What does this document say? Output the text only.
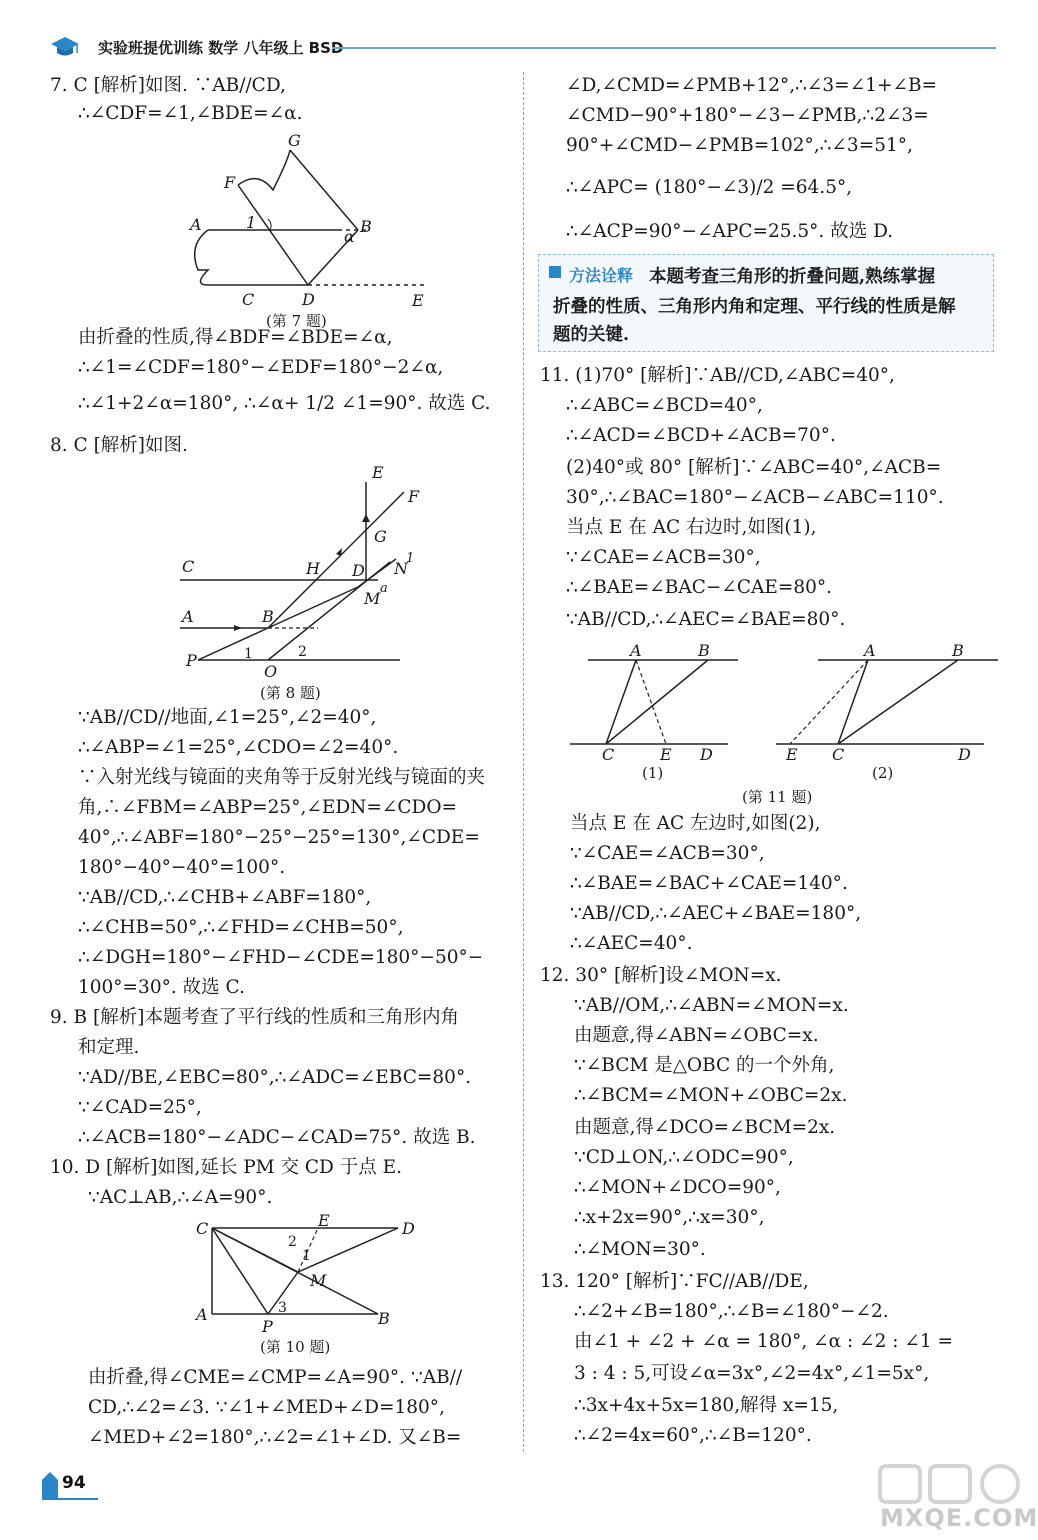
实验班提优训练 数学 八年级上 BSD
7. C [解析]如图. ∵AB//CD,
∴∠CDF=∠1,∠BDE=∠α.
A	B
C	D	E
F
G
1
α
(第 7 题)
由折叠的性质,得∠BDF=∠BDE=∠α,
∴∠1=∠CDF=180°−∠EDF=180°−2∠α,
∴∠1+2∠α=180°, ∴∠α+ 1/2 ∠1=90°. 故选 C.
8. C [解析]如图.
C
A
P
B
O
D
H
E
F
G
N
1
M
a
1	2
(第 8 题)
∵AB//CD//地面,∠1=25°,∠2=40°,
∴∠ABP=∠1=25°,∠CDO=∠2=40°.
∵入射光线与镜面的夹角等于反射光线与镜面的夹
角,∴∠FBM=∠ABP=25°,∠EDN=∠CDO=
40°,∴∠ABF=180°−25°−25°=130°,∠CDE=
180°−40°−40°=100°.
∵AB//CD,∴∠CHB+∠ABF=180°,
∴∠CHB=50°,∴∠FHD=∠CHB=50°,
∴∠DGH=180°−∠FHD−∠CDE=180°−50°−
100°=30°. 故选 C.
9. B [解析]本题考查了平行线的性质和三角形内角
和定理.
∵AD//BE,∠EBC=80°,∴∠ADC=∠EBC=80°.
∵∠CAD=25°,
∴∠ACB=180°−∠ADC−∠CAD=75°. 故选 B.
10. D [解析]如图,延长 PM 交 CD 于点 E.
∵AC⊥AB,∴∠A=90°.
C
A	B
D
E
M
P
1
2
3
(第 10 题)
由折叠,得∠CME=∠CMP=∠A=90°. ∵AB//
CD,∴∠2=∠3. ∵∠1+∠MED+∠D=180°,
∠MED+∠2=180°,∴∠2=∠1+∠D. 又∠B=
∠D,∠CMD=∠PMB+12°,∴∠3=∠1+∠B=
∠CMD−90°+180°−∠3−∠PMB,∴2∠3=
90°+∠CMD−∠PMB=102°,∴∠3=51°,
∴∠APC= (180°−∠3)/2 =64.5°,
∴∠ACP=90°−∠APC=25.5°. 故选 D.
方法诠释 本题考查三角形的折叠问题,熟练掌握
折叠的性质、三角形内角和定理、平行线的性质是解
题的关键.
11. (1)70° [解析]∵AB//CD,∠ABC=40°,
∴∠ABC=∠BCD=40°,
∴∠ACD=∠BCD+∠ACB=70°.
(2)40°或 80° [解析]∵∠ABC=40°,∠ACB=
30°,∴∠BAC=180°−∠ACB−∠ABC=110°.
当点 E 在 AC 右边时,如图(1),
∵∠CAE=∠ACB=30°,
∴∠BAE=∠BAC−∠CAE=80°.
∵AB//CD,∴∠AEC=∠BAE=80°.
A	B
C	E D
(1)
A	B
C
E	D
(2)
(第 11 题)
当点 E 在 AC 左边时,如图(2),
∵∠CAE=∠ACB=30°,
∴∠BAE=∠BAC+∠CAE=140°.
∵AB//CD,∴∠AEC+∠BAE=180°,
∴∠AEC=40°.
12. 30° [解析]设∠MON=x.
∵AB//OM,∴∠ABN=∠MON=x.
由题意,得∠ABN=∠OBC=x.
∵∠BCM 是△OBC 的一个外角,
∴∠BCM=∠MON+∠OBC=2x.
由题意,得∠DCO=∠BCM=2x.
∵CD⊥ON,∴∠ODC=90°,
∴∠MON+∠DCO=90°,
∴x+2x=90°,∴x=30°,
∴∠MON=30°.
13. 120° [解析]∵FC//AB//DE,
∴∠2+∠B=180°,∴∠B=∠180°−∠2.
由∠1 + ∠2 + ∠α = 180°, ∠α : ∠2 : ∠1 =
3 : 4 : 5,可设∠α=3x°,∠2=4x°,∠1=5x°,
∴3x+4x+5x=180,解得 x=15,
∴∠2=4x=60°,∴∠B=120°.
94
MXQE.COM
